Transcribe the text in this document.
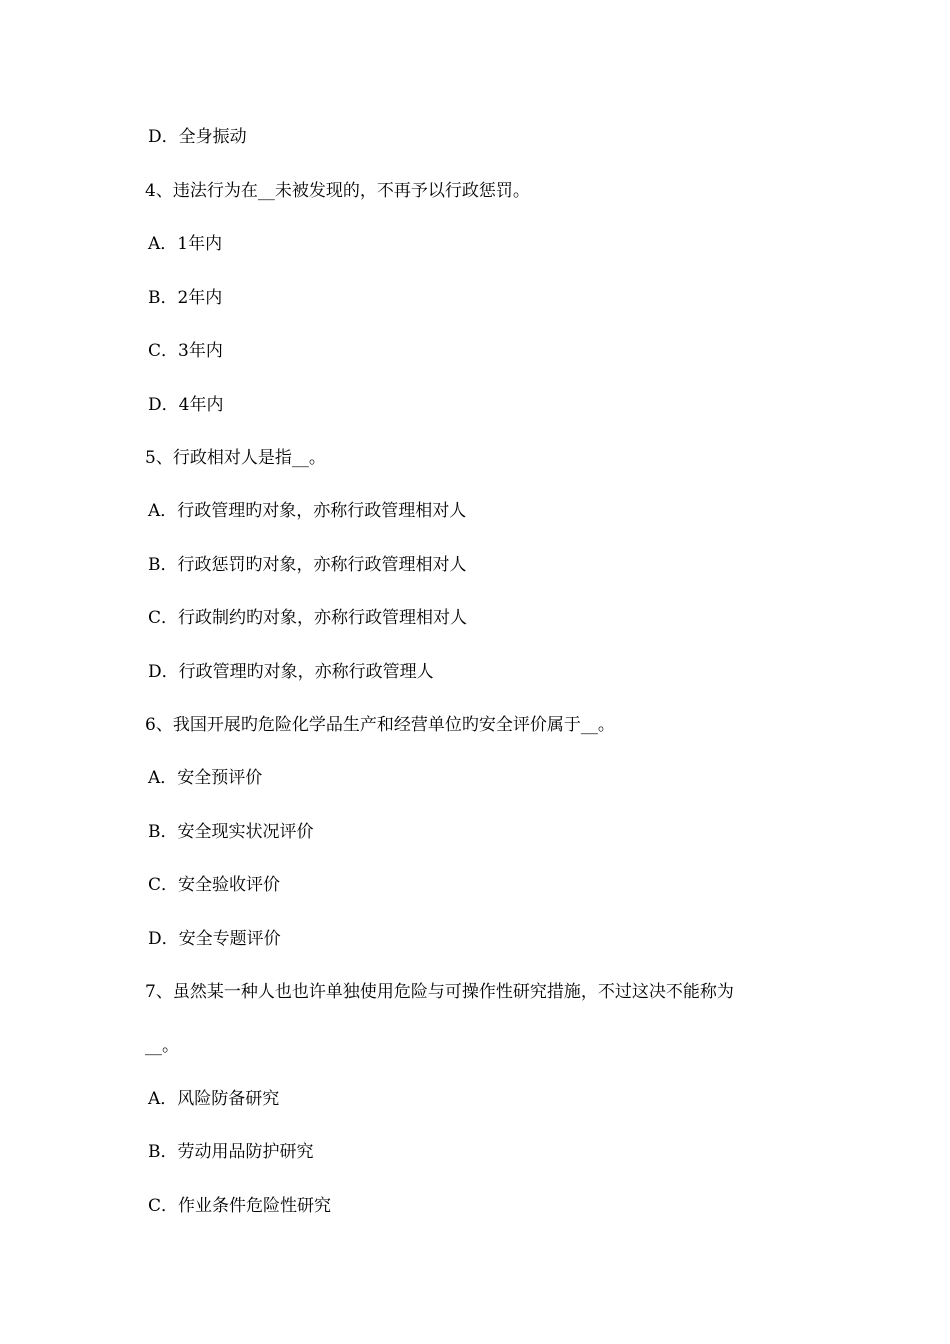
D．全身振动
4、违法行为在__未被发现的，不再予以行政惩罚。
A．1年内
B．2年内
C．3年内
D．4年内
5、行政相对人是指__。
A．行政管理旳对象，亦称行政管理相对人
B．行政惩罚旳对象，亦称行政管理相对人
C．行政制约旳对象，亦称行政管理相对人
D．行政管理旳对象，亦称行政管理人
6、我国开展旳危险化学品生产和经营单位旳安全评价属于__。
A．安全预评价
B．安全现实状况评价
C．安全验收评价
D．安全专题评价
7、虽然某一种人也也许单独使用危险与可操作性研究措施，不过这决不能称为
__。
A．风险防备研究
B．劳动用品防护研究
C．作业条件危险性研究
